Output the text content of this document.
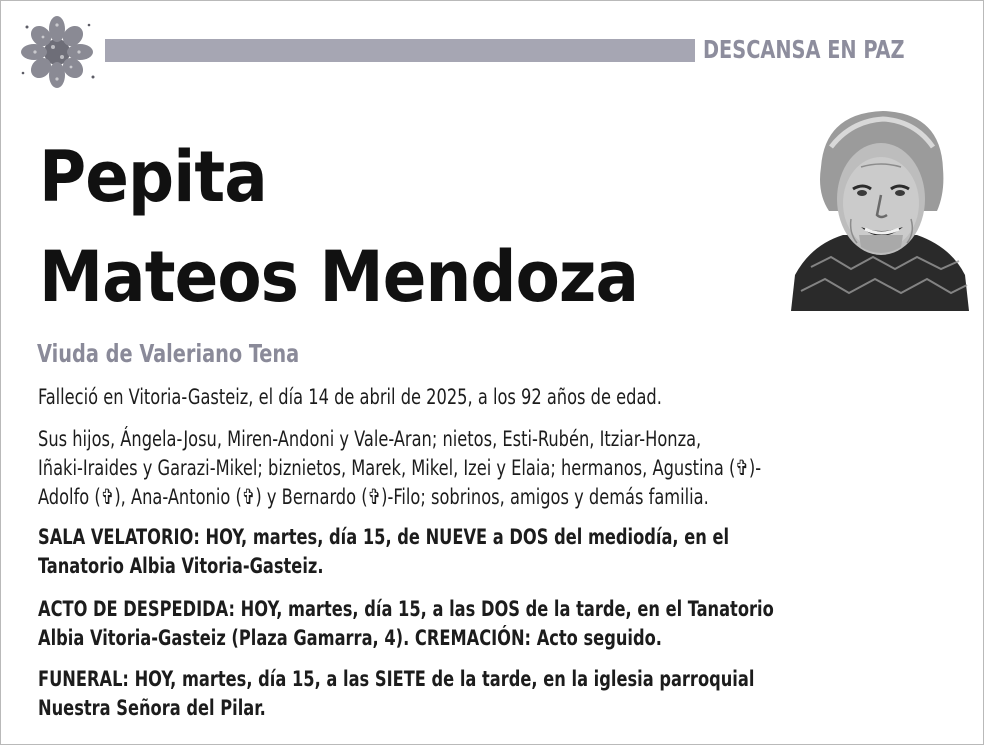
DESCANSA EN PAZ
Pepita
Mateos Mendoza
Viuda de Valeriano Tena
Falleció en Vitoria-Gasteiz, el día 14 de abril de 2025, a los 92 años de edad.
Sus hijos, Ángela-Josu, Miren-Andoni y Vale-Aran; nietos, Esti-Rubén, Itziar-Honza,
Iñaki-Iraides y Garazi-Mikel; biznietos, Marek, Mikel, Izei y Elaia; hermanos, Agustina (✞)-
Adolfo (✞), Ana-Antonio (✞) y Bernardo (✞)-Filo; sobrinos, amigos y demás familia.
SALA VELATORIO: HOY, martes, día 15, de NUEVE a DOS del mediodía, en el
Tanatorio Albia Vitoria-Gasteiz.
ACTO DE DESPEDIDA: HOY, martes, día 15, a las DOS de la tarde, en el Tanatorio
Albia Vitoria-Gasteiz (Plaza Gamarra, 4). CREMACIÓN: Acto seguido.
FUNERAL: HOY, martes, día 15, a las SIETE de la tarde, en la iglesia parroquial
Nuestra Señora del Pilar.
